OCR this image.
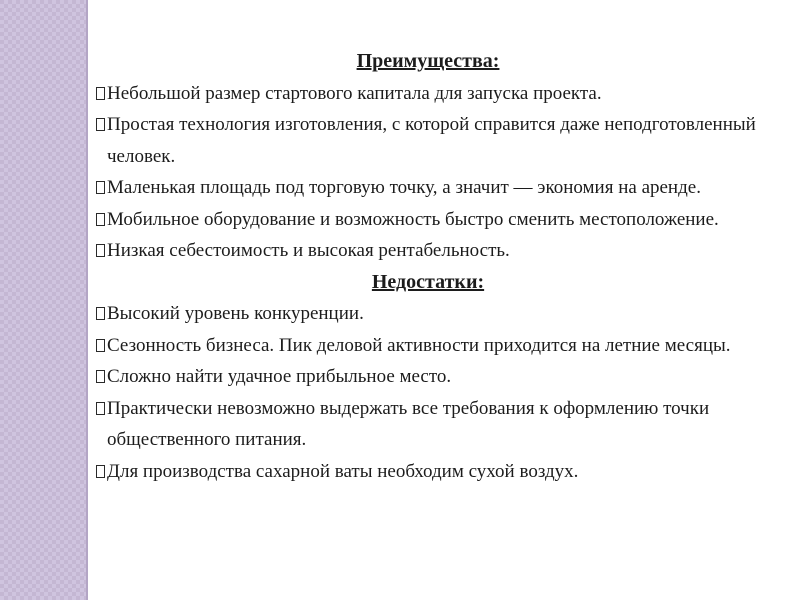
Преимущества:
Небольшой размер стартового капитала для запуска проекта.
Простая технология изготовления, с которой справится даже неподготовленный человек.
Маленькая площадь под торговую точку, а значит — экономия на аренде.
Мобильное оборудование и возможность быстро сменить местоположение.
Низкая себестоимость и высокая рентабельность.
Недостатки:
Высокий уровень конкуренции.
Сезонность бизнеса. Пик деловой активности приходится на летние месяцы.
Сложно найти удачное прибыльное место.
Практически невозможно выдержать все требования к оформлению точки общественного питания.
Для производства сахарной ваты необходим сухой воздух.
